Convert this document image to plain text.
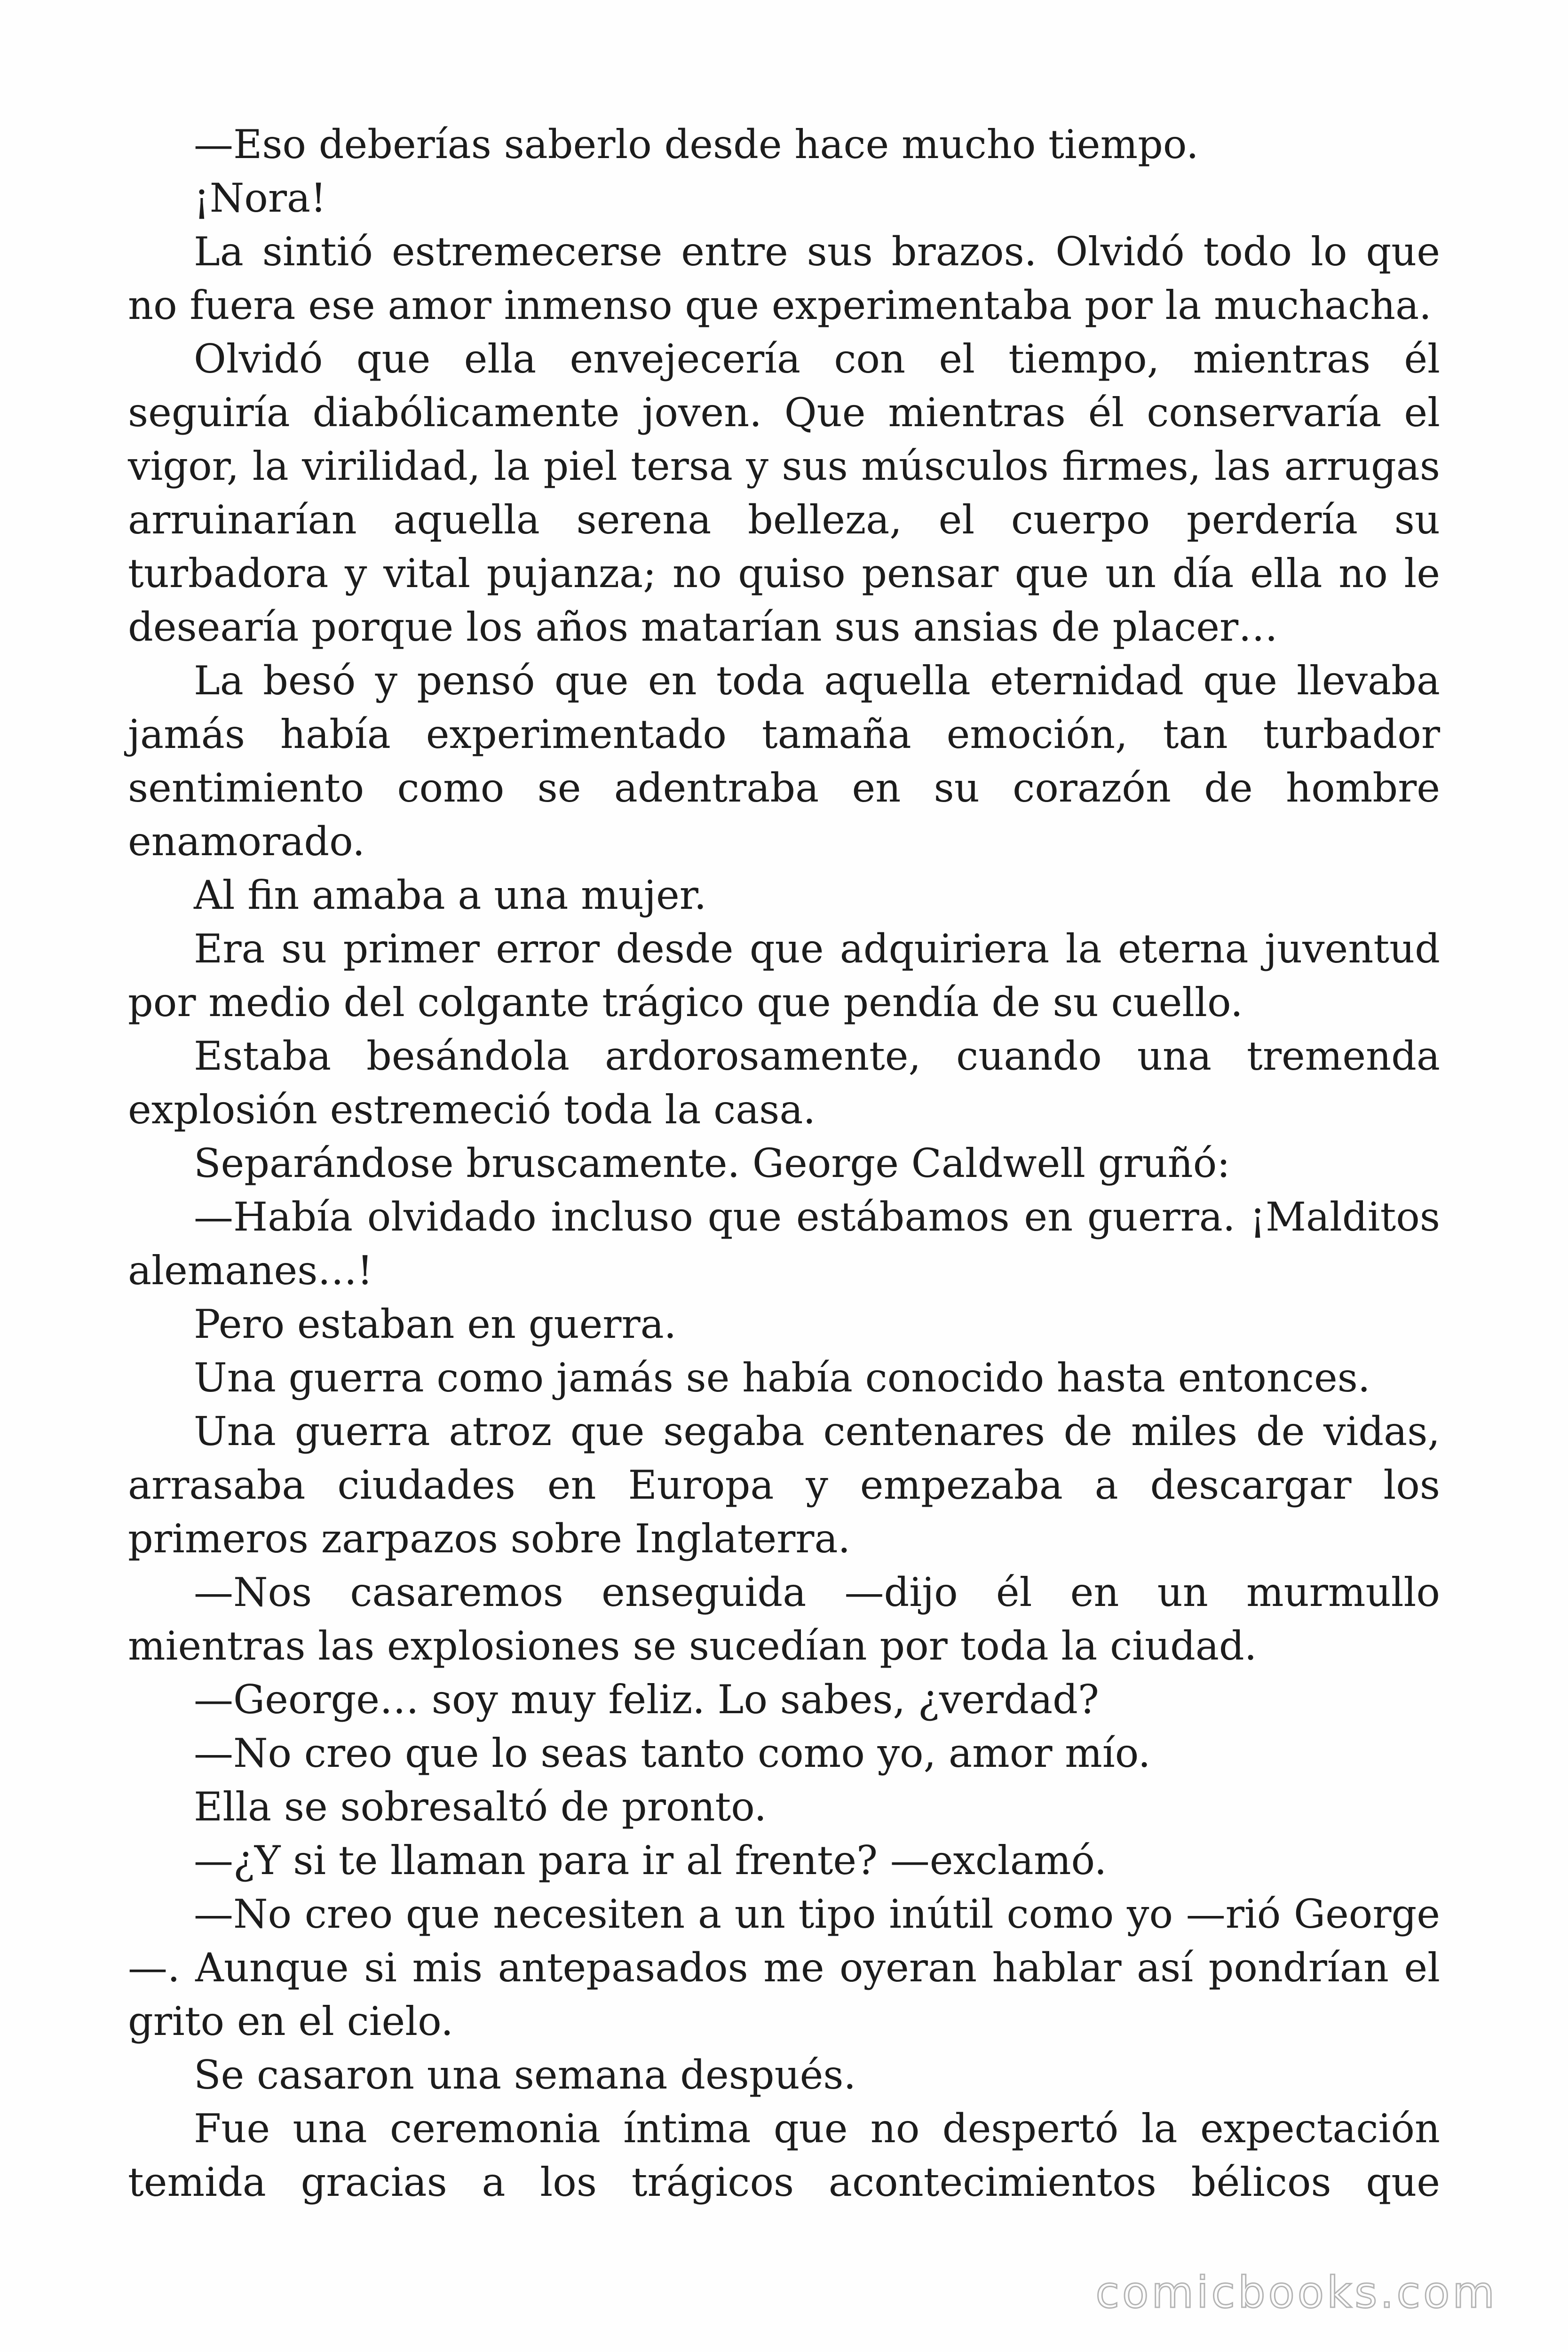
—Eso deberías saberlo desde hace mucho tiempo.

¡Nora!

La sintió estremecerse entre sus brazos. Olvidó todo lo que no fuera ese amor inmenso que experimentaba por la muchacha.

Olvidó que ella envejecería con el tiempo, mientras él seguiría diabólicamente joven. Que mientras él conservaría el vigor, la virilidad, la piel tersa y sus músculos firmes, las arrugas arruinarían aquella serena belleza, el cuerpo perdería su turbadora y vital pujanza; no quiso pensar que un día ella no le desearía porque los años matarían sus ansias de placer…

La besó y pensó que en toda aquella eternidad que llevaba jamás había experimentado tamaña emoción, tan turbador sentimiento como se adentraba en su corazón de hombre enamorado.

Al fin amaba a una mujer.

Era su primer error desde que adquiriera la eterna juventud por medio del colgante trágico que pendía de su cuello.

Estaba besándola ardorosamente, cuando una tremenda explosión estremeció toda la casa.

Separándose bruscamente. George Caldwell gruñó:

—Había olvidado incluso que estábamos en guerra. ¡Malditos alemanes…!

Pero estaban en guerra.

Una guerra como jamás se había conocido hasta entonces.

Una guerra atroz que segaba centenares de miles de vidas, arrasaba ciudades en Europa y empezaba a descargar los primeros zarpazos sobre Inglaterra.

—Nos casaremos enseguida —dijo él en un murmullo mientras las explosiones se sucedían por toda la ciudad.

—George… soy muy feliz. Lo sabes, ¿verdad?

—No creo que lo seas tanto como yo, amor mío.

Ella se sobresaltó de pronto.

—¿Y si te llaman para ir al frente? —exclamó.

—No creo que necesiten a un tipo inútil como yo —rió George —. Aunque si mis antepasados me oyeran hablar así pondrían el grito en el cielo.

Se casaron una semana después.

Fue una ceremonia íntima que no despertó la expectación temida gracias a los trágicos acontecimientos bélicos que

comicbooks.com
